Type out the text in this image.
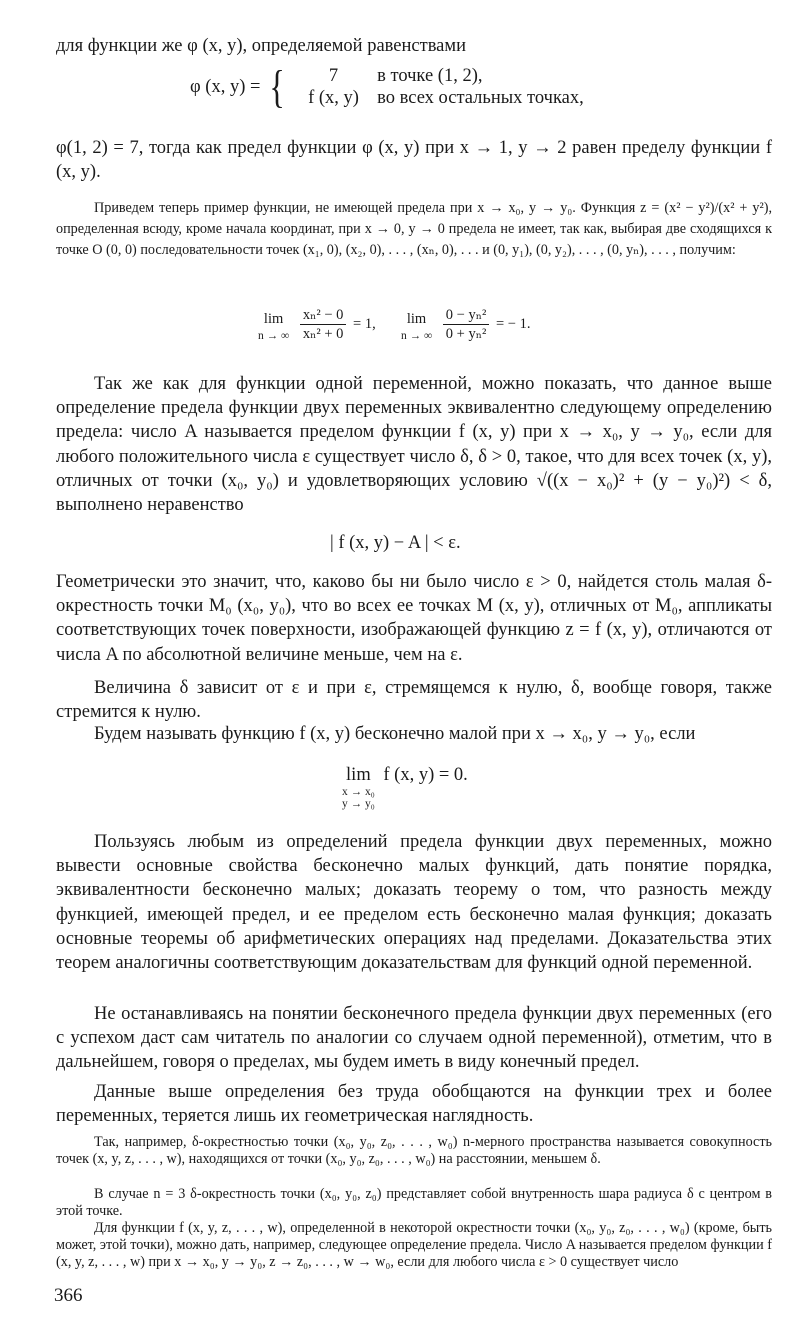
для функции же φ (x, y), определяемой равенствами

φ (x, y) = {	7 в точке (1, 2),
f (x, y) во всех остальных точках,

φ(1, 2) = 7, тогда как предел функции φ (x, y) при x → 1, y → 2 равен пределу функции f (x, y).

Приведем теперь пример функции, не имеющей предела при x → x₀, y → y₀. Функция z = (x² − y²)/(x² + y²), определенная всюду, кроме начала координат, при x → 0, y → 0 предела не имеет, так как, выбирая две сходящихся к точке O (0, 0) последовательности точек (x₁, 0), (x₂, 0), . . . , (xₙ, 0), . . . и (0, y₁), (0, y₂), . . . , (0, yₙ), . . . , получим:

lim
n → ∞
$\frac{\text{xₙ² − 0}}{\text{xₙ² + 0}} = 1$, lim
n → ∞
$\frac{\text{0 − yₙ²}}{\text{0 + yₙ²}}$ = − 1.

Так же как для функции одной переменной, можно показать, что данное выше определение предела функции двух переменных эквивалентно следующему определению предела: число A называется пределом функции f (x, y) при x → x₀, y → y₀, если для любого положительного числа ε существует число δ, δ > 0, такое, что для всех точек (x, y), отличных от точки (x₀, y₀) и удовлетворяющих условию √((x − x₀)² + (y − y₀)²) < δ, выполнено неравенство

| f (x, y) − A | < ε.

Геометрически это значит, что, каково бы ни было число ε > 0, найдется столь малая δ-окрестность точки M₀ (x₀, y₀), что во всех ее точках M (x, y), отличных от M₀, аппликаты соответствующих точек поверхности, изображающей функцию z = f (x, y), отличаются от числа A по абсолютной величине меньше, чем на ε.

Величина δ зависит от ε и при ε, стремящемся к нулю, δ, вообще говоря, также стремится к нулю.

Будем называть функцию f (x, y) бесконечно малой при x → x₀, y → y₀, если

lim
x → x₀
y → y₀
f (x, y) = 0.

Пользуясь любым из определений предела функции двух переменных, можно вывести основные свойства бесконечно малых функций, дать понятие порядка, эквивалентности бесконечно малых; доказать теорему о том, что разность между функцией, имеющей предел, и ее пределом есть бесконечно малая функция; доказать основные теоремы об арифметических операциях над пределами. Доказательства этих теорем аналогичны соответствующим доказательствам для функций одной переменной.

Не останавливаясь на понятии бесконечного предела функции двух переменных (его с успехом даст сам читатель по аналогии со случаем одной переменной), отметим, что в дальнейшем, говоря о пределах, мы будем иметь в виду конечный предел.

Данные выше определения без труда обобщаются на функции трех и более переменных, теряется лишь их геометрическая наглядность.

Так, например, δ-окрестностью точки (x₀, y₀, z₀, . . . , w₀) n-мерного пространства называется совокупность точек (x, y, z, . . . , w), находящихся от точки (x₀, y₀, z₀, . . . , w₀) на расстоянии, меньшем δ.

В случае n = 3 δ-окрестность точки (x₀, y₀, z₀) представляет собой внутренность шара радиуса δ с центром в этой точке.

Для функции f (x, y, z, . . . , w), определенной в некоторой окрестности точки (x₀, y₀, z₀, . . . , w₀) (кроме, быть может, этой точки), можно дать, например, следующее определение предела. Число A называется пределом функции f (x, y, z, . . . , w) при x → x₀, y → y₀, z → z₀, . . . , w → w₀, если для любого числа ε > 0 существует число

366
